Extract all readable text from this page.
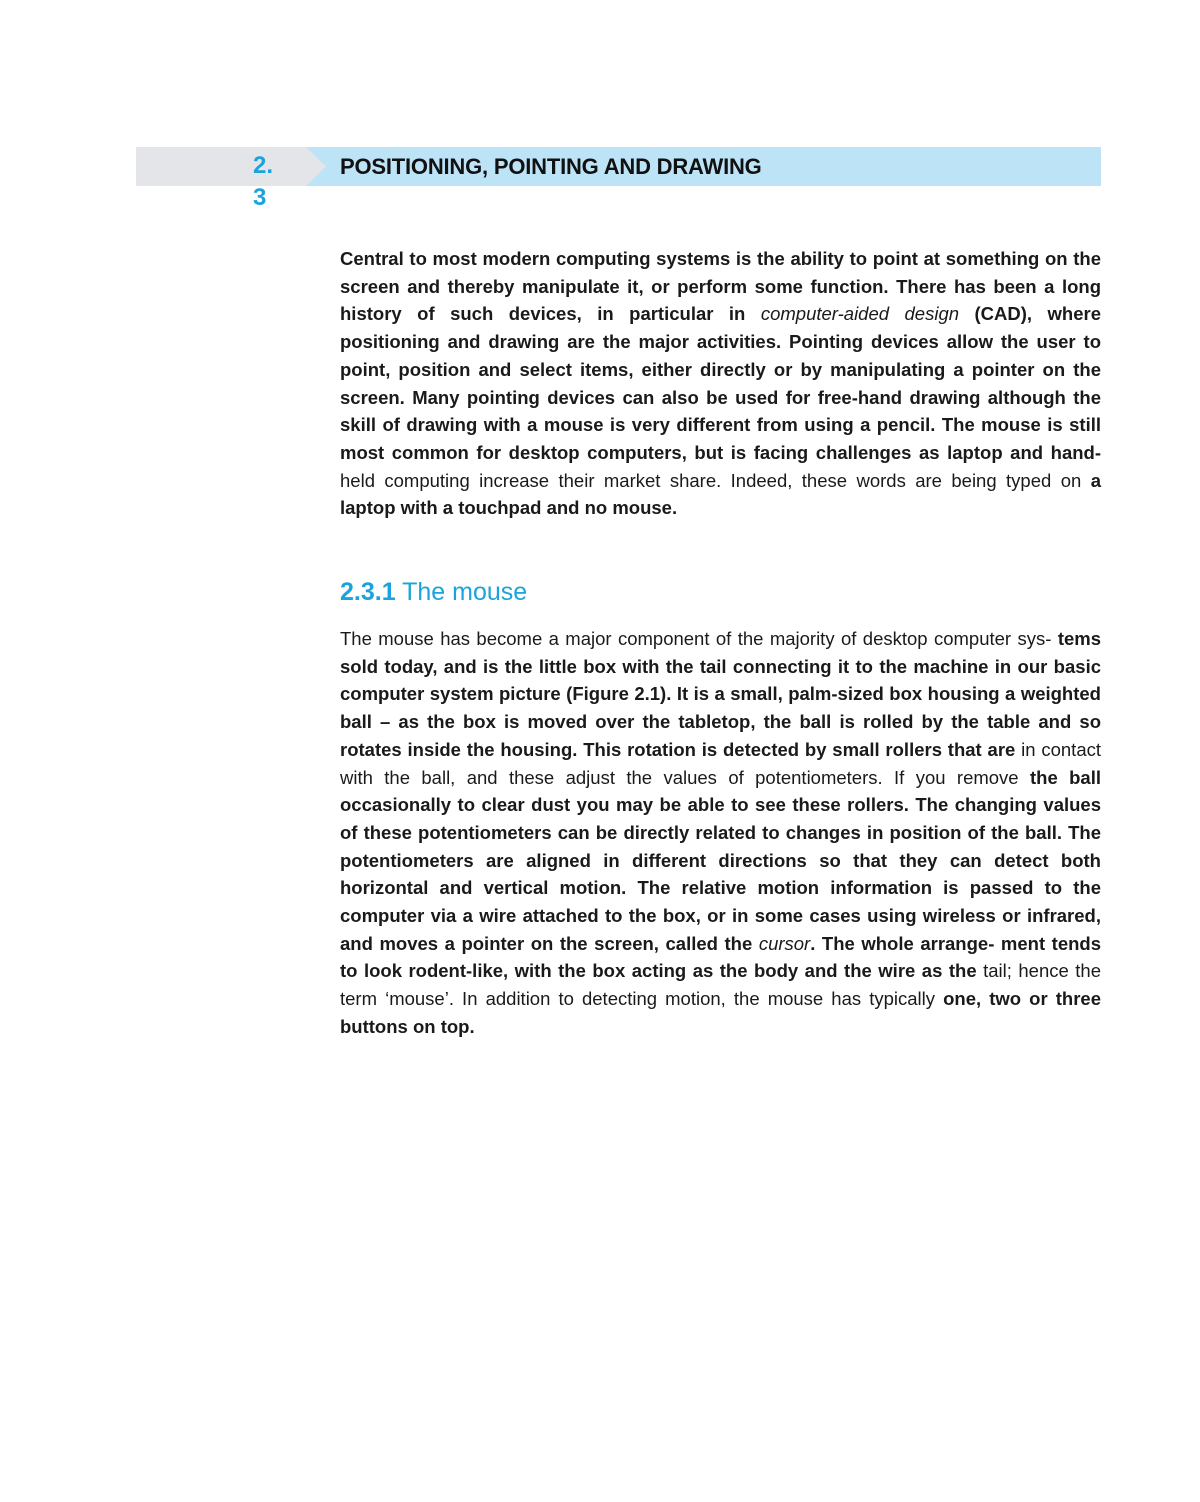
2.3
POSITIONING, POINTING AND DRAWING
Central to most modern computing systems is the ability to point at something on the screen and thereby manipulate it, or perform some function. There has been a long history of such devices, in particular in computer-aided design (CAD), where positioning and drawing are the major activities. Pointing devices allow the user to point, position and select items, either directly or by manipulating a pointer on the screen. Many pointing devices can also be used for free-hand drawing although the skill of drawing with a mouse is very different from using a pencil. The mouse is still most common for desktop computers, but is facing challenges as laptop and hand- held computing increase their market share. Indeed, these words are being typed on a laptop with a touchpad and no mouse.
2.3.1 The mouse
The mouse has become a major component of the majority of desktop computer sys- tems sold today, and is the little box with the tail connecting it to the machine in our basic computer system picture (Figure 2.1). It is a small, palm-sized box housing a weighted ball – as the box is moved over the tabletop, the ball is rolled by the table and so rotates inside the housing. This rotation is detected by small rollers that are in contact with the ball, and these adjust the values of potentiometers. If you remove the ball occasionally to clear dust you may be able to see these rollers. The changing values of these potentiometers can be directly related to changes in position of the ball. The potentiometers are aligned in different directions so that they can detect both horizontal and vertical motion. The relative motion information is passed to the computer via a wire attached to the box, or in some cases using wireless or infrared, and moves a pointer on the screen, called the cursor. The whole arrange- ment tends to look rodent-like, with the box acting as the body and the wire as the tail; hence the term ‘mouse’. In addition to detecting motion, the mouse has typically one, two or three buttons on top.
